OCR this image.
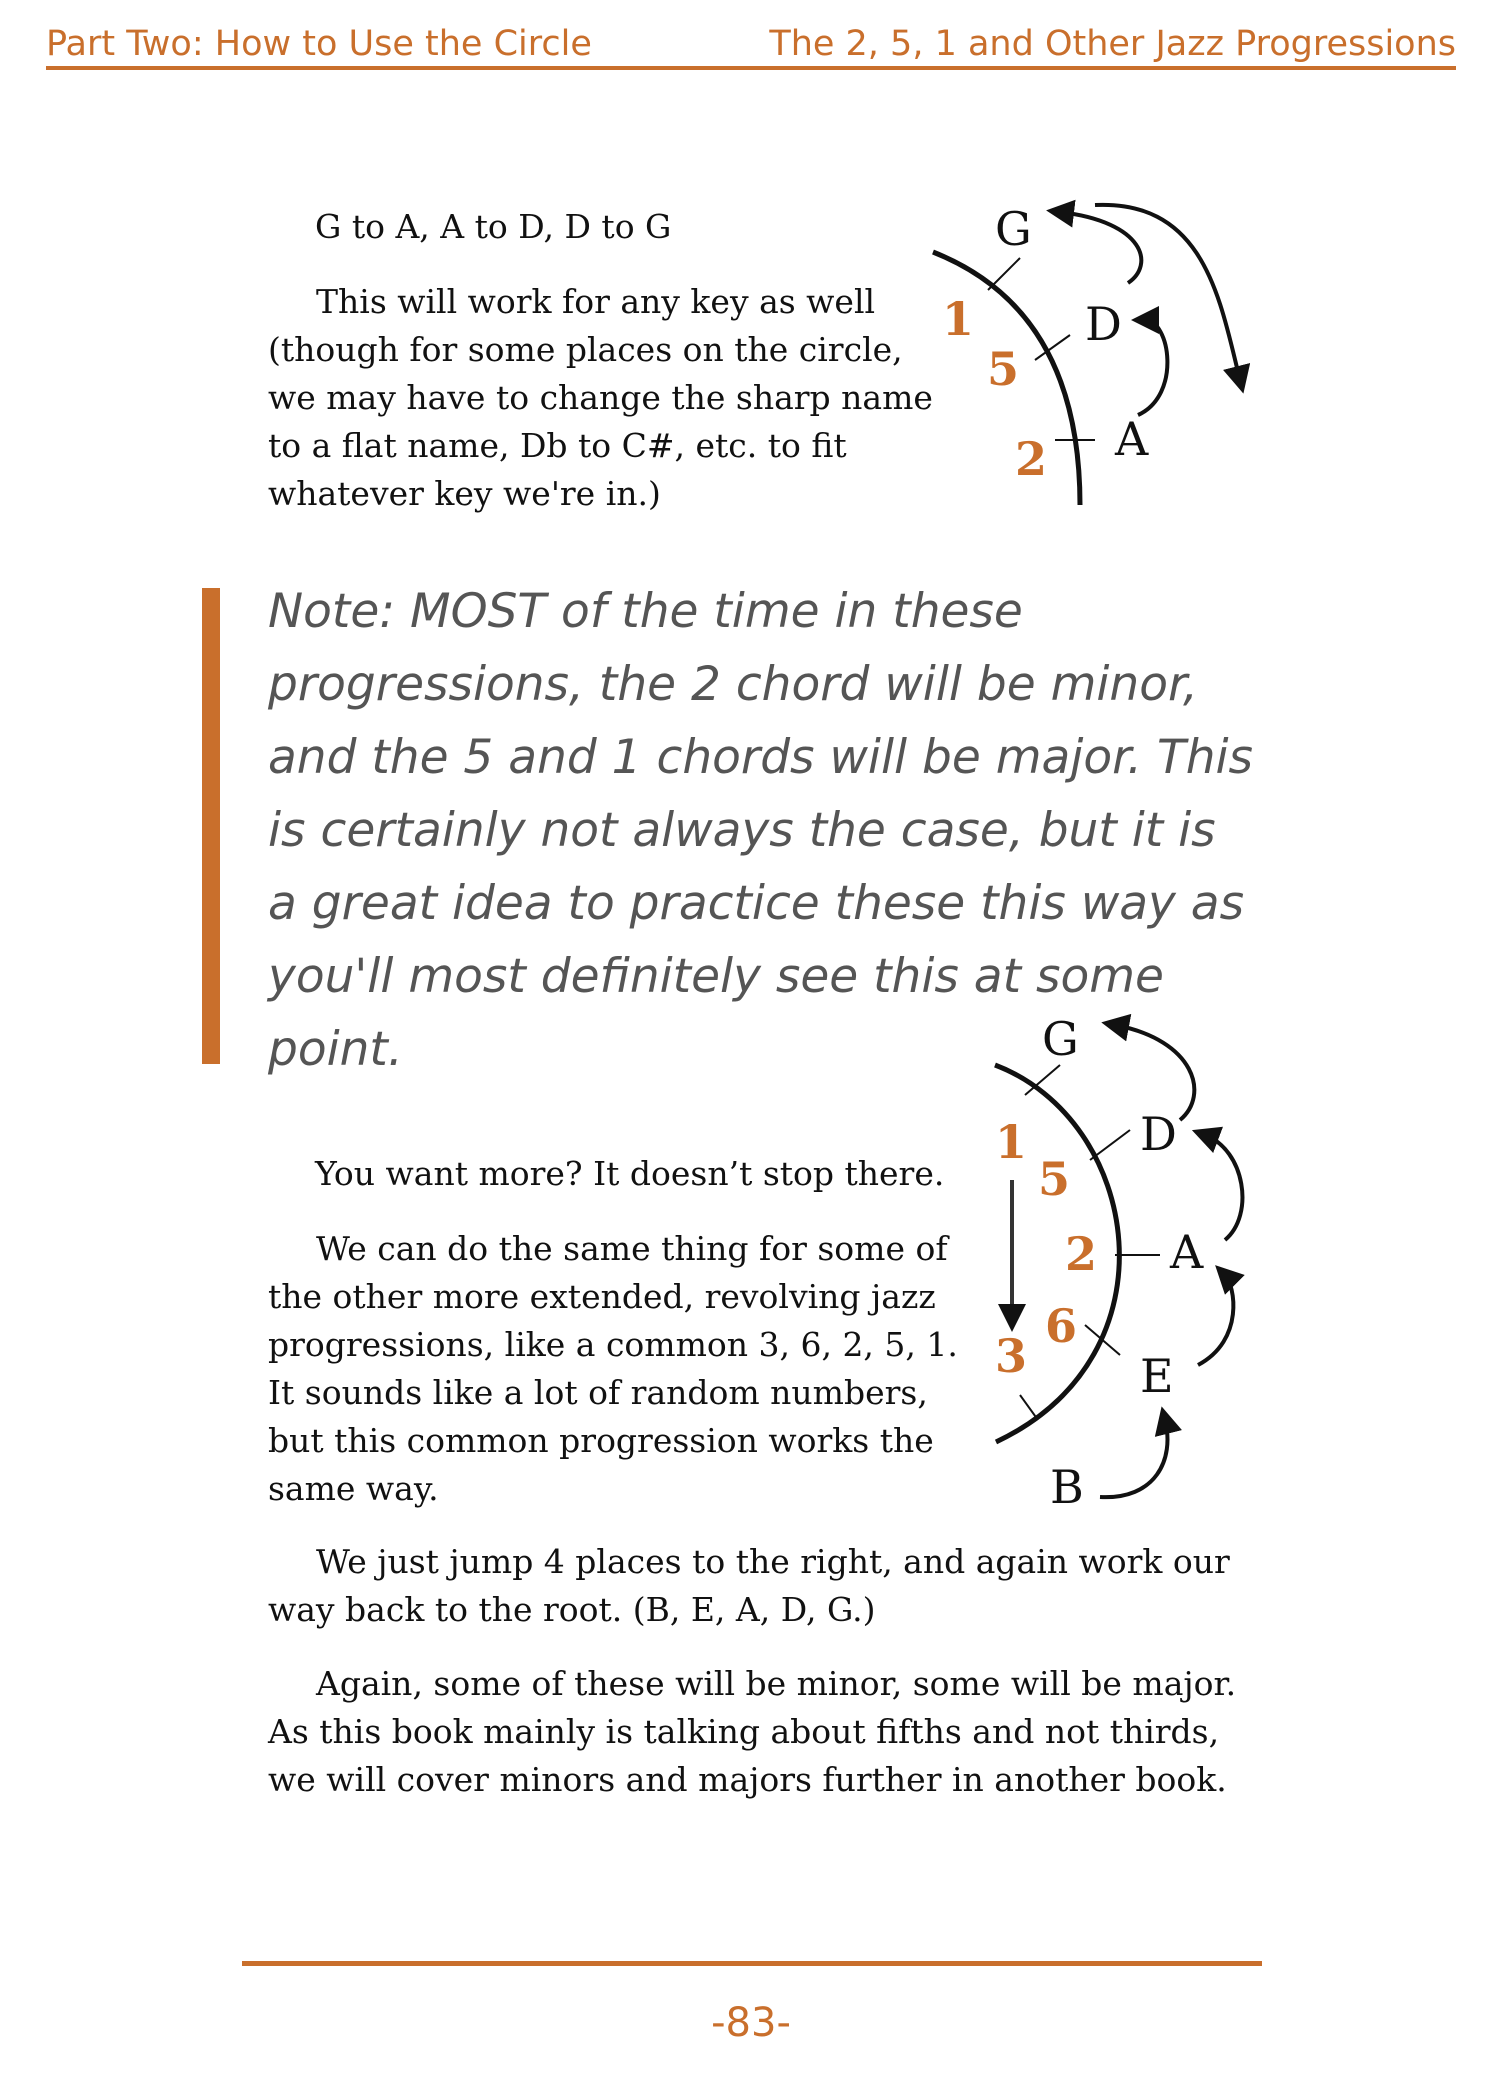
Part Two: How to Use the Circle	The 2, 5, 1 and Other Jazz Progressions

G to A, A to D, D to G

This will work for any key as well (though for some places on the circle, we may have to change the sharp name to a flat name, Db to C#, etc. to fit whatever key we're in.)

G
D
A
1
5
2

Note: MOST of the time in these progressions, the 2 chord will be minor, and the 5 and 1 chords will be major. This is certainly not always the case, but it is a great idea to practice these this way as you'll most definitely see this at some point.

You want more? It doesn’t stop there.

We can do the same thing for some of the other more extended, revolving jazz progressions, like a common 3, 6, 2, 5, 1. It sounds like a lot of random numbers, but this common progression works the same way.

G
D
A
E
B
1
5
2
6
3

We just jump 4 places to the right, and again work our way back to the root. (B, E, A, D, G.)

Again, some of these will be minor, some will be major. As this book mainly is talking about fifths and not thirds, we will cover minors and majors further in another book.

-83-
